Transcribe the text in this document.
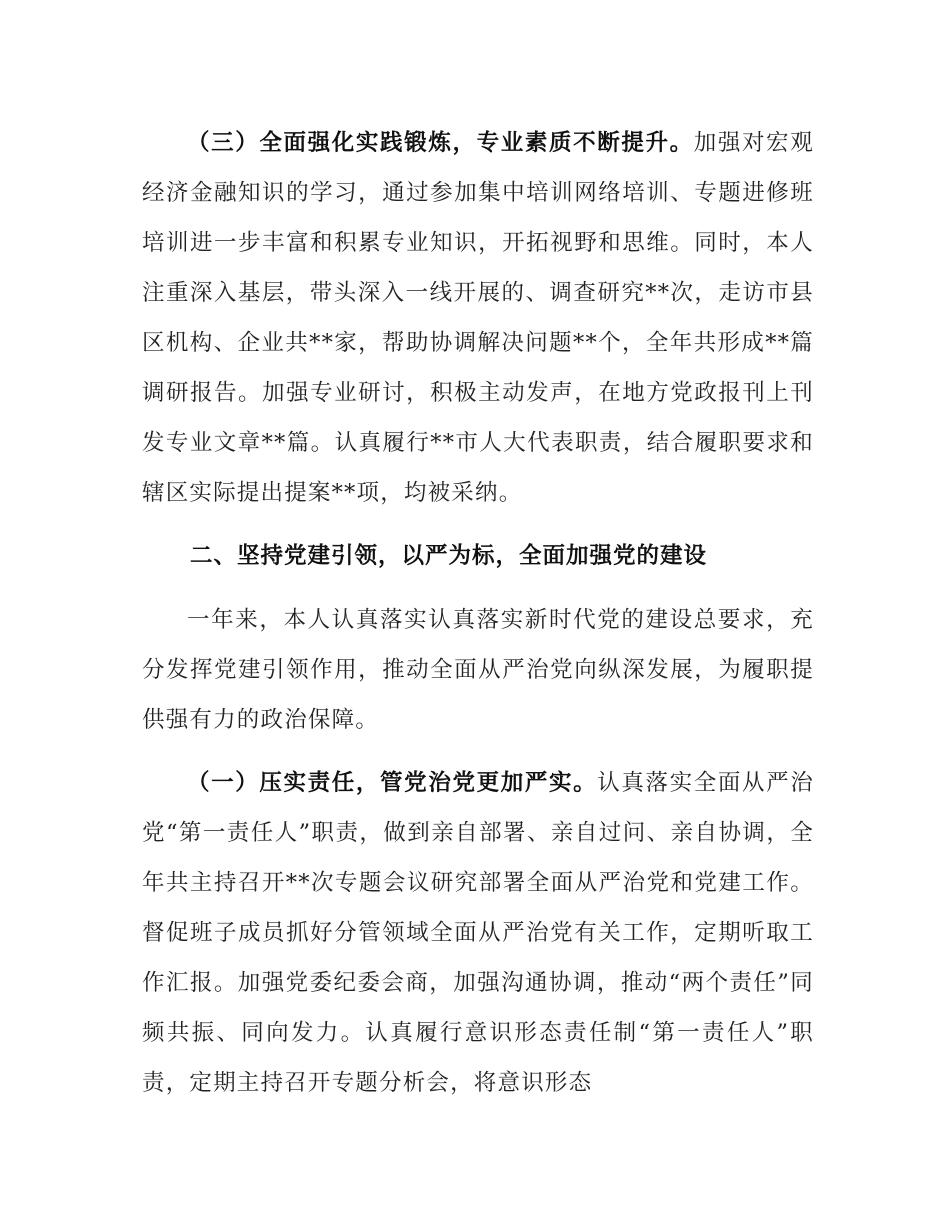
（三）全面强化实践锻炼，专业素质不断提升。加强对宏观经济金融知识的学习，通过参加集中培训网络培训、专题进修班培训进一步丰富和积累专业知识，开拓视野和思维。同时，本人注重深入基层，带头深入一线开展的、调查研究**次，走访市县区机构、企业共**家，帮助协调解决问题**个，全年共形成**篇调研报告。加强专业研讨，积极主动发声，在地方党政报刊上刊发专业文章**篇。认真履行**市人大代表职责，结合履职要求和辖区实际提出提案**项，均被采纳。

二、坚持党建引领，以严为标，全面加强党的建设

一年来，本人认真落实认真落实新时代党的建设总要求，充分发挥党建引领作用，推动全面从严治党向纵深发展，为履职提供强有力的政治保障。

（一）压实责任，管党治党更加严实。认真落实全面从严治党“第一责任人”职责，做到亲自部署、亲自过问、亲自协调，全年共主持召开**次专题会议研究部署全面从严治党和党建工作。督促班子成员抓好分管领域全面从严治党有关工作，定期听取工作汇报。加强党委纪委会商，加强沟通协调，推动“两个责任”同频共振、同向发力。认真履行意识形态责任制“第一责任人”职责，定期主持召开专题分析会，将意识形态
